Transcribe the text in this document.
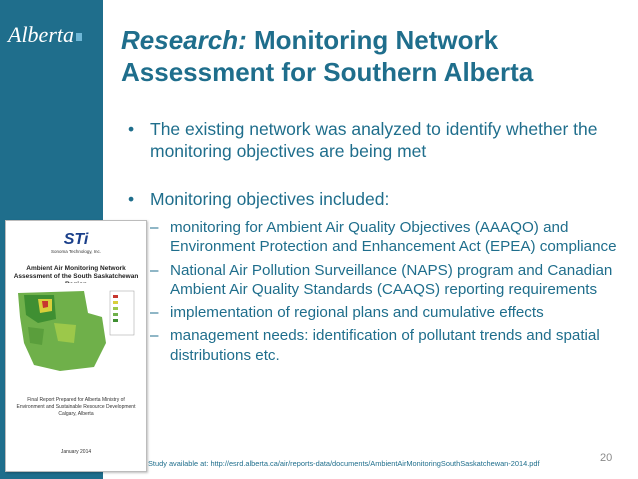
Alberta	Research: Monitoring Network Assessment for Southern Alberta
• The existing network was analyzed to identify whether the monitoring objectives are being met
• Monitoring objectives included:
– monitoring for Ambient Air Quality Objectives (AAAQO) and Environment Protection and Enhancement Act (EPEA) compliance
– National Air Pollution Surveillance (NAPS) program and Canadian Ambient Air Quality Standards (CAAQS) reporting requirements
– implementation of regional plans and cumulative effects
– management needs: identification of pollutant trends and spatial distributions etc.
STi
Sonoma Technology, Inc.
Ambient Air Monitoring Network Assessment of the South Saskatchewan
Final Report Prepared for Alberta Ministry of Environment and Sustainable Resource Development Calgary, Alberta
January 2014
Study available at: http://esrd.alberta.ca/air/reports-data/documents/AmbientAirMonitoringSouthSaskatchewan-2014.pdf	20
